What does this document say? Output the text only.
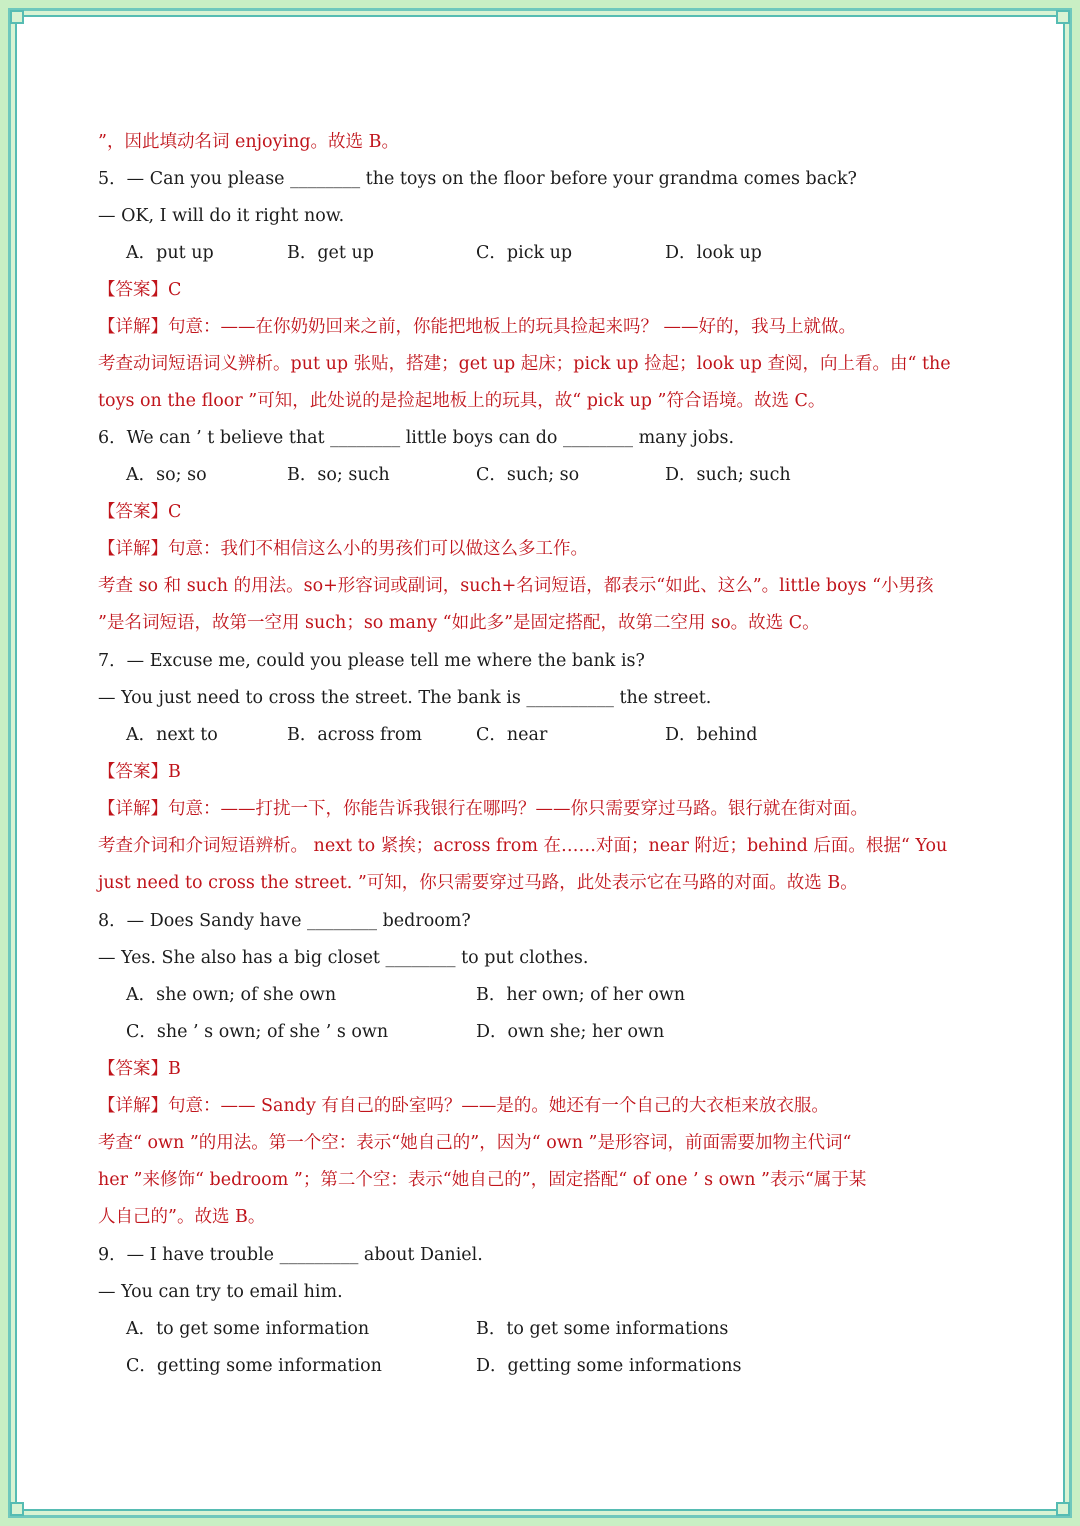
”，因此填动名词 enjoying。故选 B。
5．— Can you please ________ the toys on the floor before your grandma comes back?
— OK, I will do it right now.
A．put up	B．get up	C．pick up	D．look up
【答案】C
【详解】句意：——在你奶奶回来之前，你能把地板上的玩具捡起来吗？ ——好的，我马上就做。
考查动词短语词义辨析。put up 张贴，搭建；get up 起床；pick up 捡起；look up 查阅，向上看。由“ the
toys on the floor ”可知，此处说的是捡起地板上的玩具，故“ pick up ”符合语境。故选 C。
6．We can ’ t believe that ________ little boys can do ________ many jobs.
A．so; so	B．so; such	C．such; so	D．such; such
【答案】C
【详解】句意：我们不相信这么小的男孩们可以做这么多工作。
考查 so 和 such 的用法。so+形容词或副词，such+名词短语，都表示“如此、这么”。little boys “小男孩
”是名词短语，故第一空用 such；so many “如此多”是固定搭配，故第二空用 so。故选 C。
7．— Excuse me, could you please tell me where the bank is?
— You just need to cross the street. The bank is __________ the street.
A．next to	B．across from	C．near	D．behind
【答案】B
【详解】句意：——打扰一下，你能告诉我银行在哪吗？——你只需要穿过马路。银行就在街对面。
考查介词和介词短语辨析。 next to 紧挨；across from 在……对面；near 附近；behind 后面。根据“ You
just need to cross the street. ”可知，你只需要穿过马路，此处表示它在马路的对面。故选 B。
8．— Does Sandy have ________ bedroom?
— Yes. She also has a big closet ________ to put clothes.
A．she own; of she own	B．her own; of her own
C．she ’ s own; of she ’ s own	D．own she; her own
【答案】B
【详解】句意：—— Sandy 有自己的卧室吗？——是的。她还有一个自己的大衣柜来放衣服。
考查“ own ”的用法。第一个空：表示“她自己的”，因为“ own ”是形容词，前面需要加物主代词“
her ”来修饰“ bedroom ”；第二个空：表示“她自己的”，固定搭配“ of one ’ s own ”表示“属于某
人自己的”。故选 B。
9．— I have trouble _________ about Daniel.
— You can try to email him.
A．to get some information	B．to get some informations
C．getting some information	D．getting some informations
